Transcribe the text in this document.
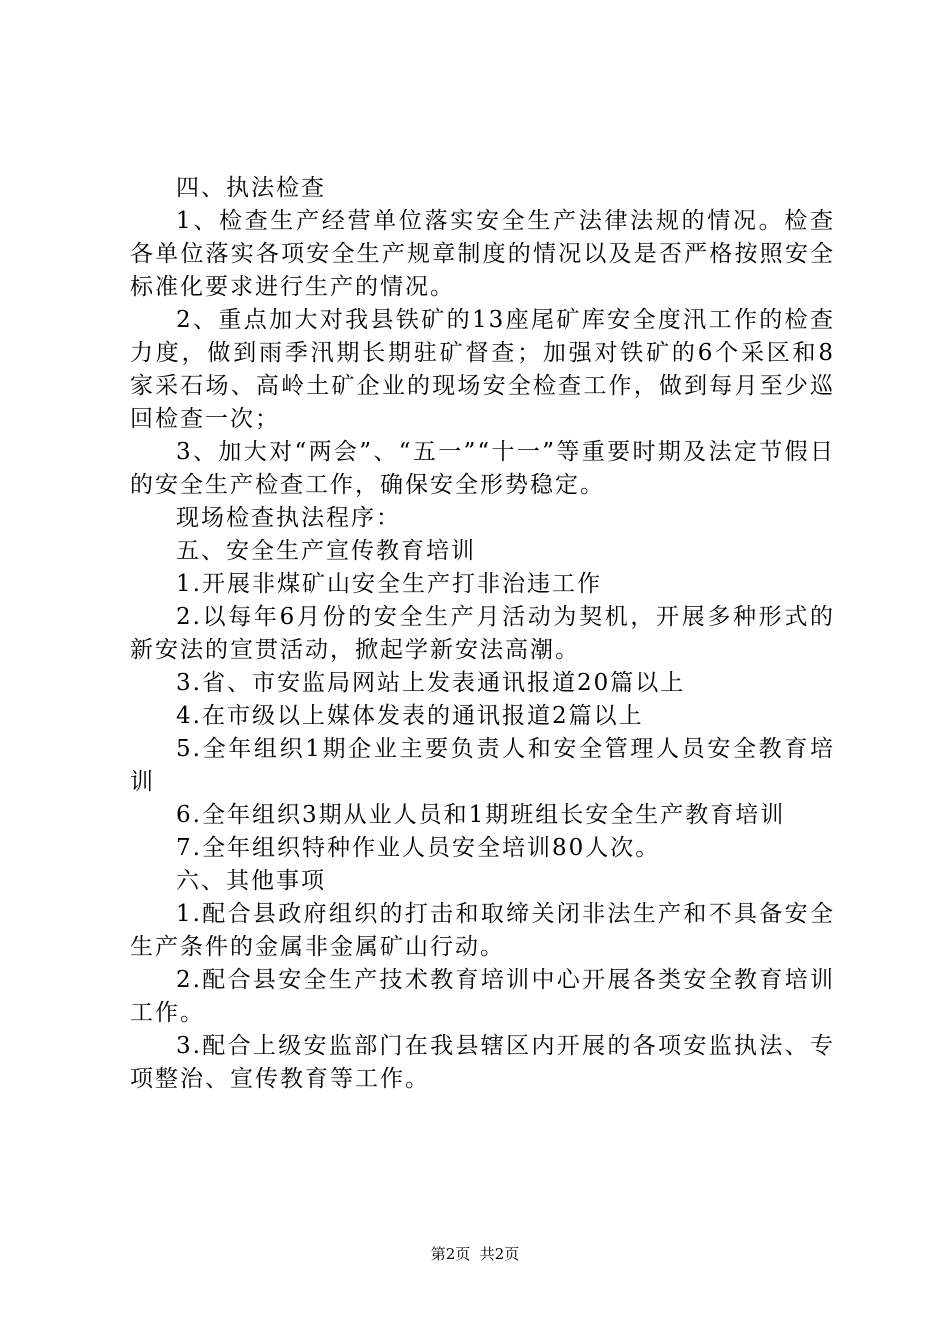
四、执法检查

1、检查生产经营单位落实安全生产法律法规的情况。检查各单位落实各项安全生产规章制度的情况以及是否严格按照安全标准化要求进行生产的情况。

2、重点加大对我县铁矿的13座尾矿库安全度汛工作的检查力度，做到雨季汛期长期驻矿督查；加强对铁矿的6个采区和8家采石场、高岭土矿企业的现场安全检查工作，做到每月至少巡回检查一次；

3、加大对“两会”、“五一”“十一”等重要时期及法定节假日的安全生产检查工作，确保安全形势稳定。

现场检查执法程序：

五、安全生产宣传教育培训

1.开展非煤矿山安全生产打非治违工作

2.以每年6月份的安全生产月活动为契机，开展多种形式的新安法的宣贯活动，掀起学新安法高潮。

3.省、市安监局网站上发表通讯报道20篇以上

4.在市级以上媒体发表的通讯报道2篇以上

5.全年组织1期企业主要负责人和安全管理人员安全教育培训

6.全年组织3期从业人员和1期班组长安全生产教育培训

7.全年组织特种作业人员安全培训80人次。

六、其他事项

1.配合县政府组织的打击和取缔关闭非法生产和不具备安全生产条件的金属非金属矿山行动。

2.配合县安全生产技术教育培训中心开展各类安全教育培训工作。

3.配合上级安监部门在我县辖区内开展的各项安监执法、专项整治、宣传教育等工作。

第2页  共2页
